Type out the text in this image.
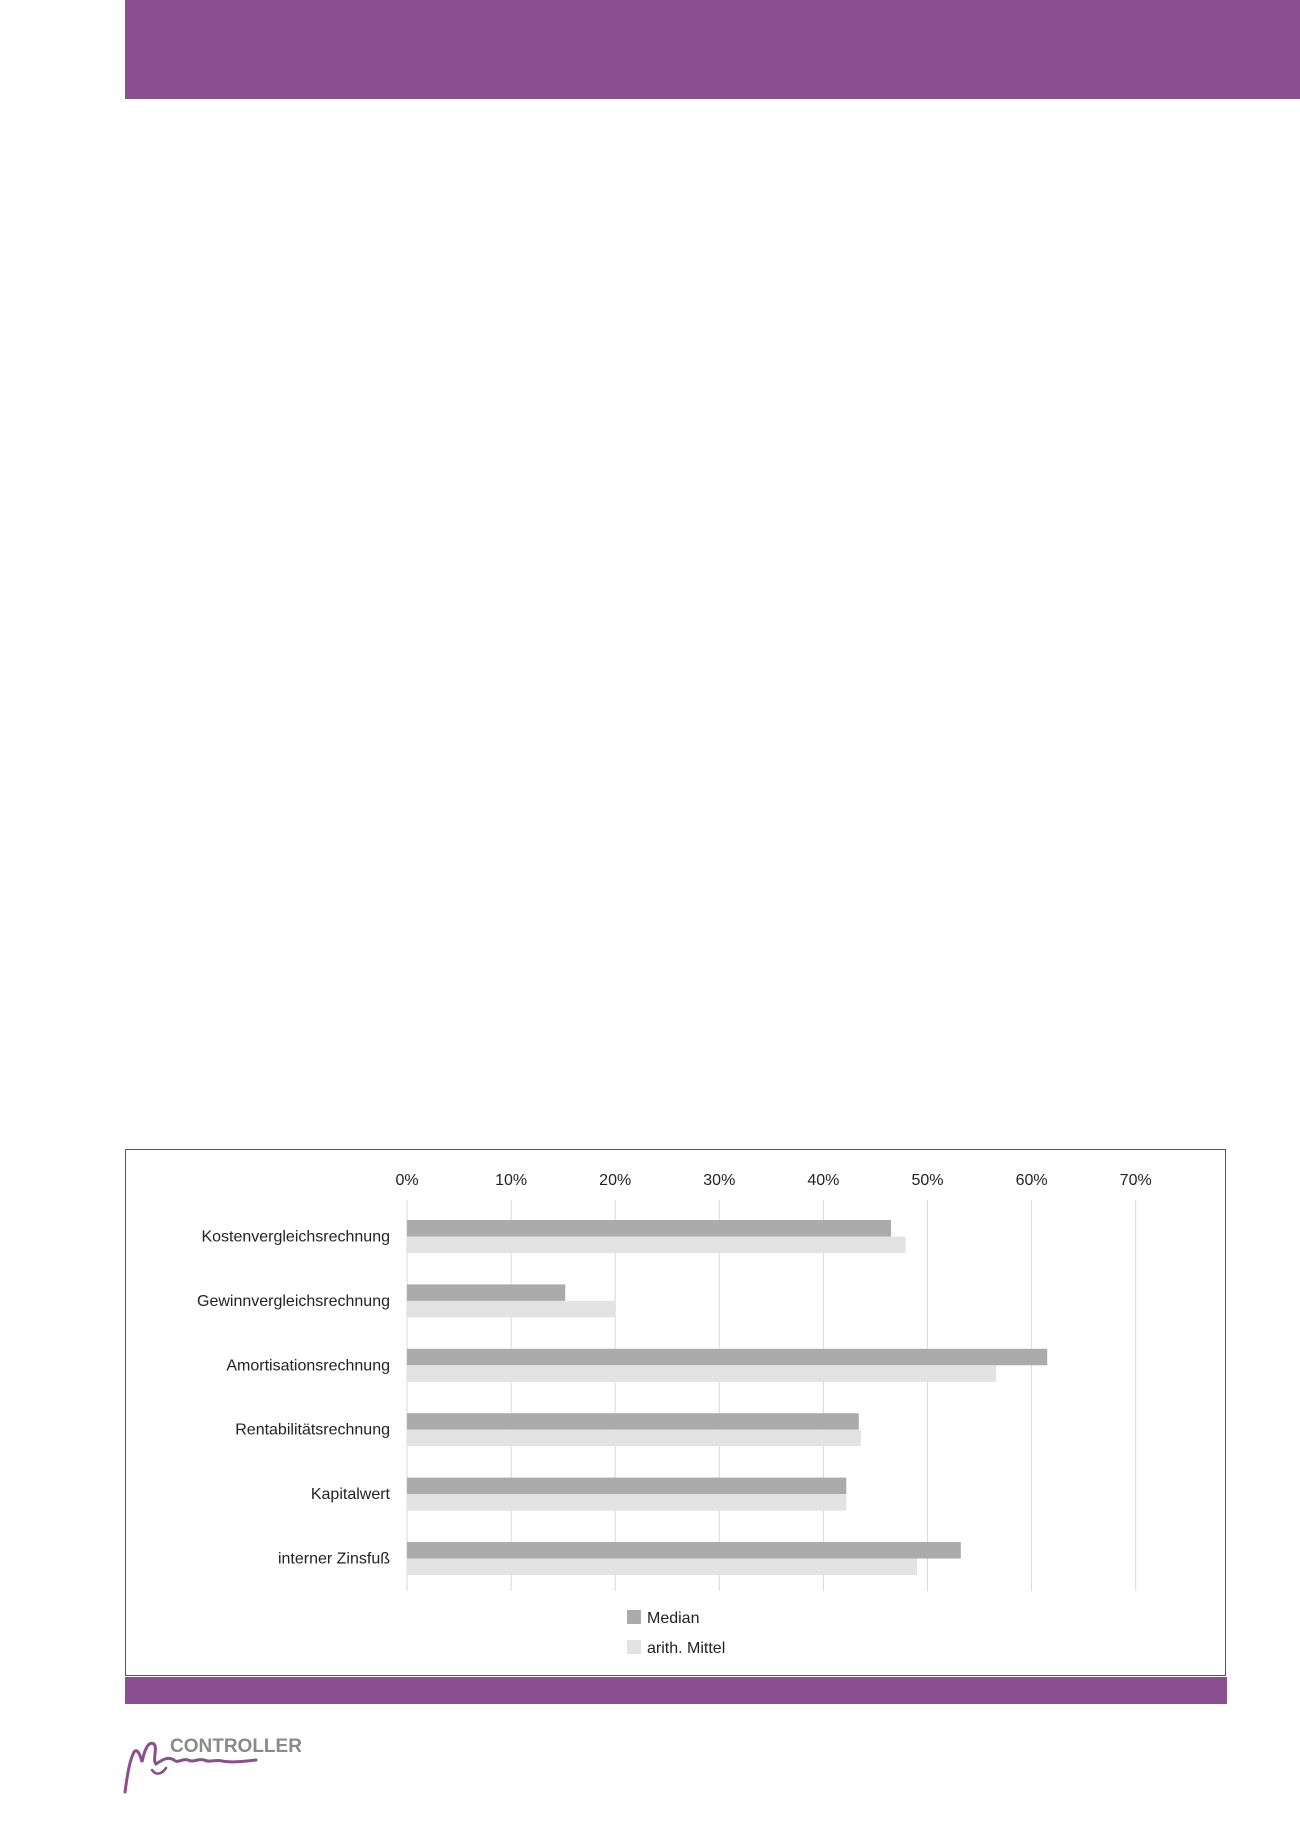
0%	10%	20%	30%	40%	50%	60%	70%
Kostenvergleichsrechnung
Gewinnvergleichsrechnung
Amortisationsrechnung
Rentabilitätsrechnung
Kapitalwert
interner Zinsfuß
Median
arith. Mittel
CONTROLLER
